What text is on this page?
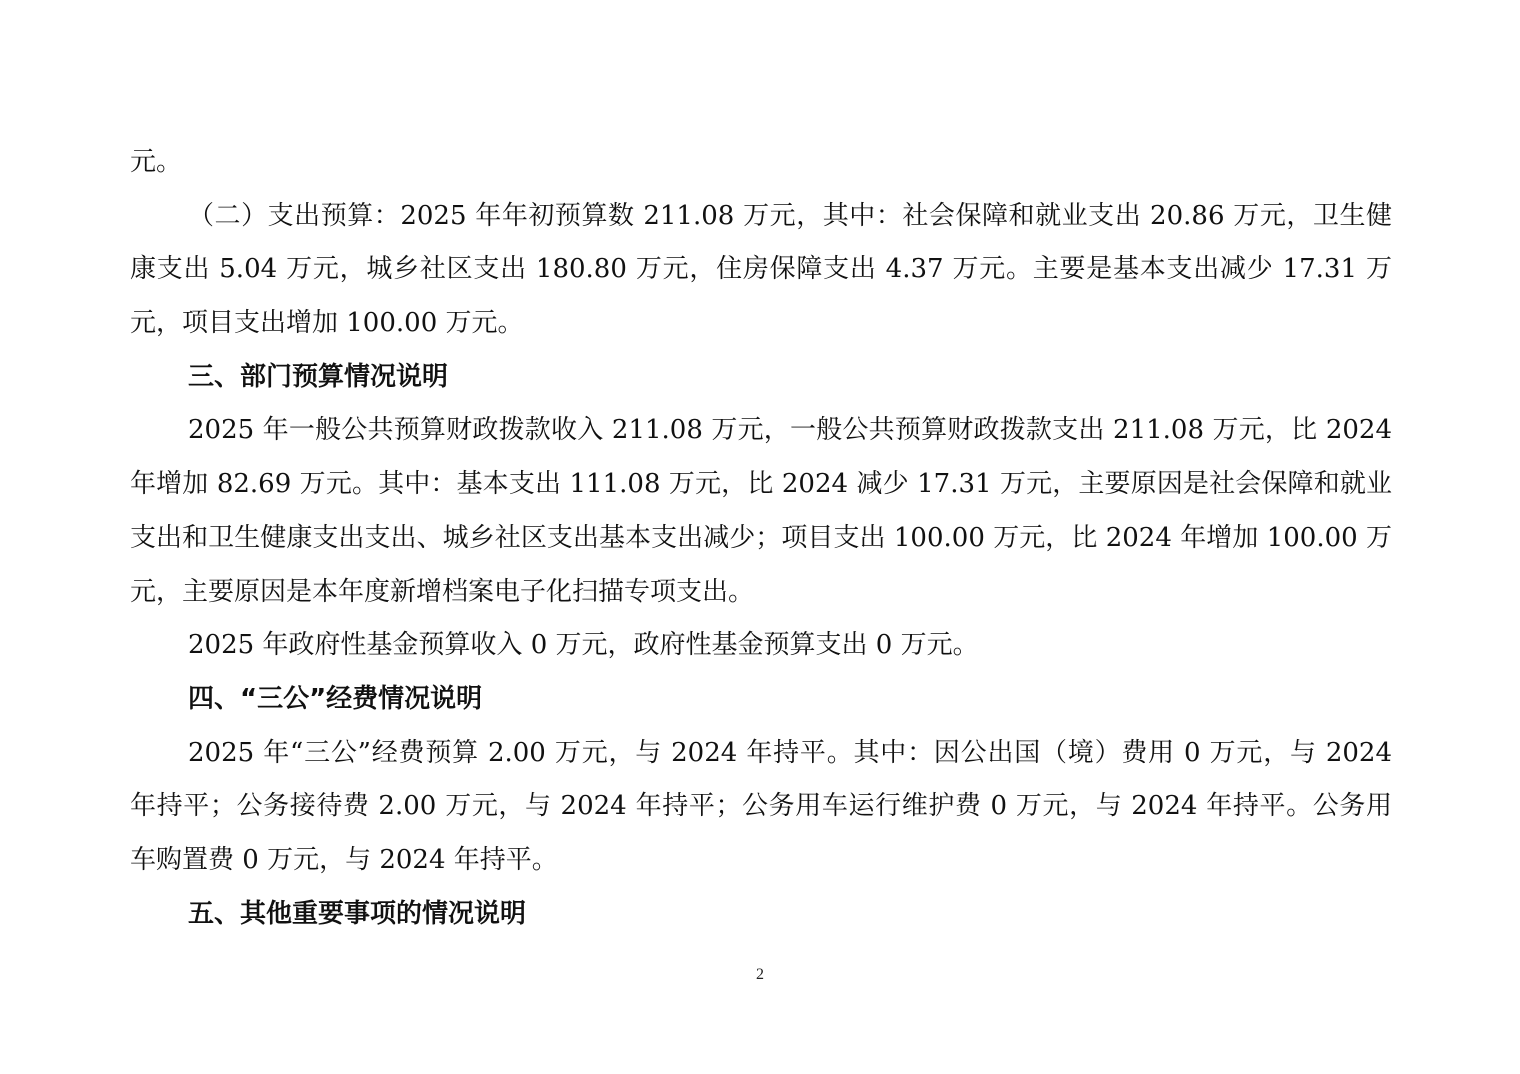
元。
（二）支出预算：2025 年年初预算数 211.08 万元，其中：社会保障和就业支出 20.86 万元，卫生健
康支出 5.04 万元，城乡社区支出 180.80 万元，住房保障支出 4.37 万元。主要是基本支出减少 17.31 万
元，项目支出增加 100.00 万元。
三、部门预算情况说明
2025 年一般公共预算财政拨款收入 211.08 万元，一般公共预算财政拨款支出 211.08 万元，比 2024
年增加 82.69 万元。其中：基本支出 111.08 万元，比 2024 减少 17.31 万元，主要原因是社会保障和就业
支出和卫生健康支出支出、城乡社区支出基本支出减少；项目支出 100.00 万元，比 2024 年增加 100.00 万
元，主要原因是本年度新增档案电子化扫描专项支出。
2025 年政府性基金预算收入 0 万元，政府性基金预算支出 0 万元。
四、“三公”经费情况说明
2025 年“三公”经费预算 2.00 万元，与 2024 年持平。其中：因公出国（境）费用 0 万元，与 2024
年持平；公务接待费 2.00 万元，与 2024 年持平；公务用车运行维护费 0 万元，与 2024 年持平。公务用
车购置费 0 万元，与 2024 年持平。
五、其他重要事项的情况说明
2
